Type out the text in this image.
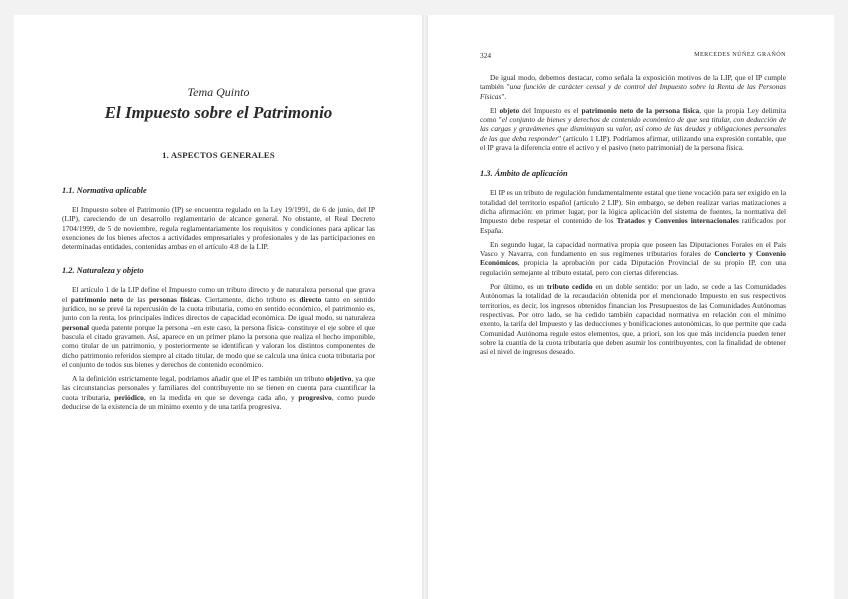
Tema Quinto
El Impuesto sobre el Patrimonio
1. ASPECTOS GENERALES
1.1. Normativa aplicable

El Impuesto sobre el Patrimonio (IP) se encuentra regulado en la Ley 19/1991, de 6 de junio, del IP (LIP), careciendo de un desarrollo reglamentario de alcance general. No obstante, el Real Decreto 1704/1999, de 5 de noviembre, regula reglamentariamente los requisitos y condiciones para aplicar las exenciones de los bienes afectos a actividades empresariales y profesionales y de las participaciones en determinadas entidades, contenidas ambas en el artículo 4.8 de la LIP.

1.2. Naturaleza y objeto

El artículo 1 de la LIP define el Impuesto como un tributo directo y de naturaleza personal que grava el patrimonio neto de las personas físicas. Ciertamente, dicho tributo es directo tanto en sentido jurídico, no se prevé la repercusión de la cuota tributaria, como en sentido económico, el patrimonio es, junto con la renta, los principales índices directos de capacidad económica. De igual modo, su naturaleza personal queda patente porque la persona –en este caso, la persona física- constituye el eje sobre el que bascula el citado gravamen. Así, aparece en un primer plano la persona que realiza el hecho imponible, como titular de un patrimonio, y posteriormente se identifican y valoran los distintos componentes de dicho patrimonio referidos siempre al citado titular, de modo que se calcula una única cuota tributaria por el conjunto de todos sus bienes y derechos de contenido económico.

A la definición estrictamente legal, podríamos añadir que el IP es también un tributo objetivo, ya que las circunstancias personales y familiares del contribuyente no se tienen en cuenta para cuantificar la cuota tributaria, periódico, en la medida en que se devenga cada año, y progresivo, como puede deducirse de la existencia de un mínimo exento y de una tarifa progresiva.

324	MERCEDES NÚÑEZ GRAÑÓN

De igual modo, debemos destacar, como señala la exposición motivos de la LIP, que el IP cumple también "una función de carácter censal y de control del Impuesto sobre la Renta de las Personas Físicas".

El objeto del Impuesto es el patrimonio neto de la persona física, que la propia Ley delimita como "el conjunto de bienes y derechos de contenido económico de que sea titular, con deducción de las cargas y gravámenes que disminuyan su valor, así como de las deudas y obligaciones personales de las que deba responder" (artículo 1 LIP). Podríamos afirmar, utilizando una expresión contable, que el IP grava la diferencia entre el activo y el pasivo (neto patrimonial) de la persona física.

1.3. Ámbito de aplicación

El IP es un tributo de regulación fundamentalmente estatal que tiene vocación para ser exigido en la totalidad del territorio español (artículo 2 LIP). Sin embargo, se deben realizar varias matizaciones a dicha afirmación: en primer lugar, por la lógica aplicación del sistema de fuentes, la normativa del Impuesto debe respetar el contenido de los Tratados y Convenios internacionales ratificados por España.

En segundo lugar, la capacidad normativa propia que poseen las Diputaciones Forales en el País Vasco y Navarra, con fundamento en sus regímenes tributarios forales de Concierto y Convenio Económicos, propicia la aprobación por cada Diputación Provincial de su propio IP, con una regulación semejante al tributo estatal, pero con ciertas diferencias.

Por último, es un tributo cedido en un doble sentido: por un lado, se cede a las Comunidades Autónomas la totalidad de la recaudación obtenida por el mencionado Impuesto en sus respectivos territorios, es decir, los ingresos obtenidos financian los Presupuestos de las Comunidades Autónomas respectivas. Por otro lado, se ha cedido también capacidad normativa en relación con el mínimo exento, la tarifa del Impuesto y las deducciones y bonificaciones autonómicas, lo que permite que cada Comunidad Autónoma regule estos elementos, que, a priori, son los que más incidencia pueden tener sobre la cuantía de la cuota tributaria que deben asumir los contribuyentes, con la finalidad de obtener así el nivel de ingresos deseado.
